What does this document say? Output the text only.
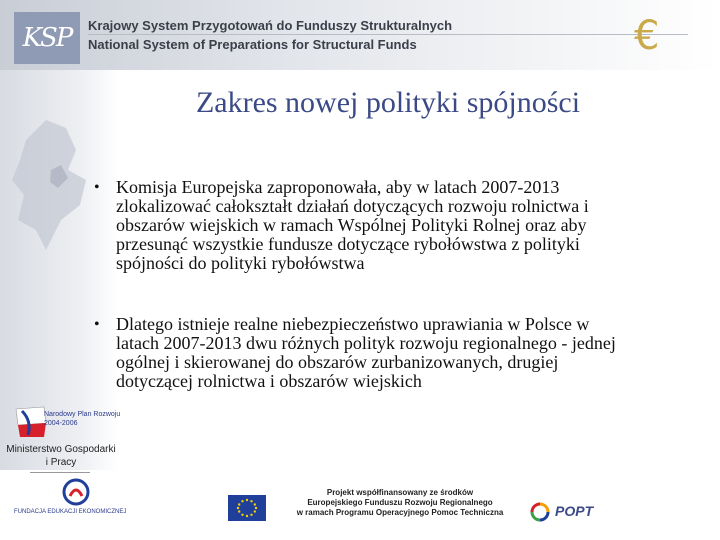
KSP	Krajowy System Przygotowań do Funduszy Strukturalnych
National System of Preparations for Structural Funds	€
Zakres nowej polityki spójności
• Komisja Europejska zaproponowała, aby w latach 2007-2013 zlokalizować całokształt działań dotyczących rozwoju rolnictwa i obszarów wiejskich w ramach Wspólnej Polityki Rolnej oraz aby przesunąć wszystkie fundusze dotyczące rybołówstwa z polityki spójności do polityki rybołówstwa
• Dlatego istnieje realne niebezpieczeństwo uprawiania w Polsce w latach 2007-2013 dwu różnych polityk rozwoju regionalnego - jednej ogólnej i skierowanej do obszarów zurbanizowanych, drugiej dotyczącej rolnictwa i obszarów wiejskich
Narodowy Plan Rozwoju 2004-2006
Ministerstwo Gospodarki i Pracy
FUNDACJA EDUKACJI EKONOMICZNEJ
Projekt współfinansowany ze środków
Europejskiego Funduszu Rozwoju Regionalnego
w ramach Programu Operacyjnego Pomoc Techniczna	POPT
